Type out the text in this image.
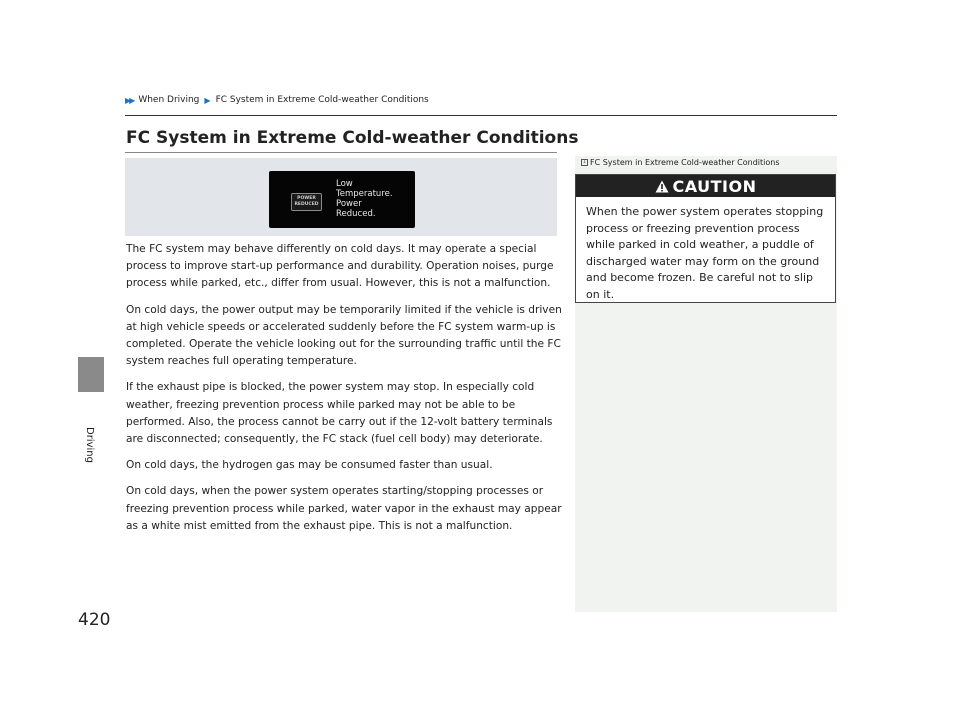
▶▶ When Driving ▶ FC System in Extreme Cold-weather Conditions
Driving
420
FC System in Extreme Cold-weather Conditions
POWER
REDUCED
Low
Temperature.
Power
Reduced.

The FC system may behave differently on cold days. It may operate a special process to improve start-up performance and durability. Operation noises, purge process while parked, etc., differ from usual. However, this is not a malfunction.

On cold days, the power output may be temporarily limited if the vehicle is driven at high vehicle speeds or accelerated suddenly before the FC system warm-up is completed. Operate the vehicle looking out for the surrounding traffic until the FC system reaches full operating temperature.

If the exhaust pipe is blocked, the power system may stop. In especially cold weather, freezing prevention process while parked may not be able to be performed. Also, the process cannot be carry out if the 12-volt battery terminals are disconnected; consequently, the FC stack (fuel cell body) may deteriorate.

On cold days, the hydrogen gas may be consumed faster than usual.

On cold days, when the power system operates starting/stopping processes or freezing prevention process while parked, water vapor in the exhaust may appear as a white mist emitted from the exhaust pipe. This is not a malfunction.

1 FC System in Extreme Cold-weather Conditions
CAUTION
When the power system operates stopping process or freezing prevention process while parked in cold weather, a puddle of discharged water may form on the ground and become frozen. Be careful not to slip on it.
